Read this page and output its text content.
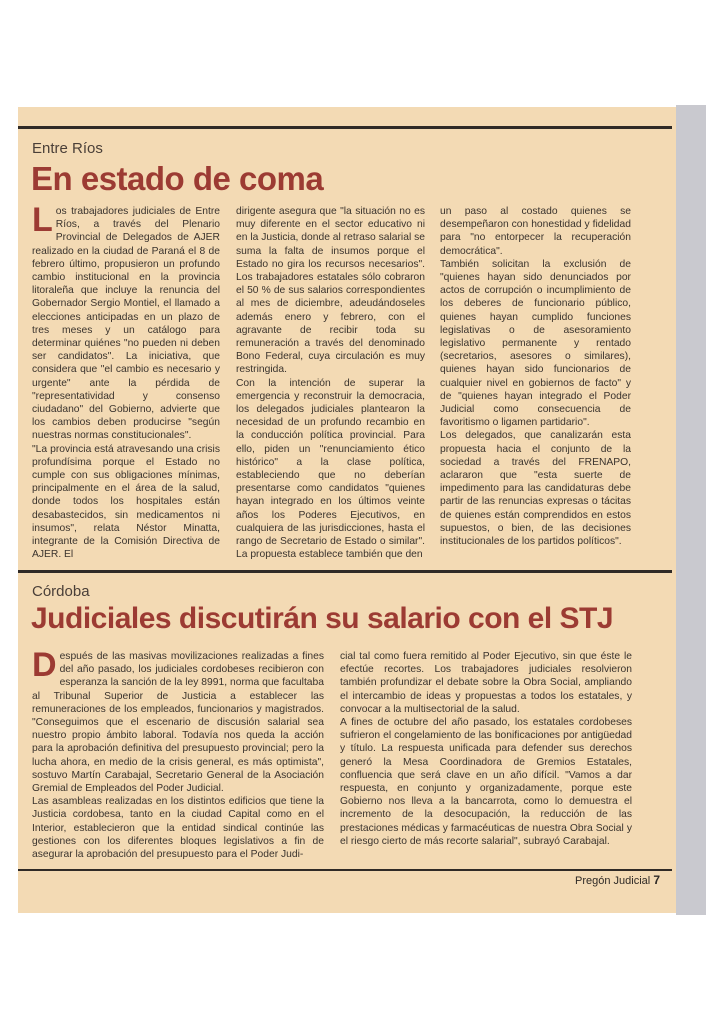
Entre Ríos
En estado de coma
L os trabajadores judiciales de Entre Ríos, a través del Plenario Provincial de Delegados de AJER realizado en la ciudad de Paraná el 8 de febrero último, propusieron un profundo cambio institucional en la provincia litoraleña que incluye la renuncia del Gobernador Sergio Montiel, el llamado a elecciones anticipadas en un plazo de tres meses y un catálogo para determinar quiénes "no pueden ni deben ser candidatos". La iniciativa, que considera que "el cambio es necesario y urgente" ante la pérdida de "representatividad y consenso ciudadano" del Gobierno, advierte que los cambios deben producirse "según nuestras normas constitucionales".

"La provincia está atravesando una crisis profundísima porque el Estado no cumple con sus obligaciones mínimas, principalmente en el área de la salud, donde todos los hospitales están desabastecidos, sin medicamentos ni insumos", relata Néstor Minatta, integrante de la Comisión Directiva de AJER. El

dirigente asegura que "la situación no es muy diferente en el sector educativo ni en la Justicia, donde al retraso salarial se suma la falta de insumos porque el Estado no gira los recursos necesarios". Los trabajadores estatales sólo cobraron el 50 % de sus salarios correspondientes al mes de diciembre, adeudándoseles además enero y febrero, con el agravante de recibir toda su remuneración a través del denominado Bono Federal, cuya circulación es muy restringida.

Con la intención de superar la emergencia y reconstruir la democracia, los delegados judiciales plantearon la necesidad de un profundo recambio en la conducción política provincial. Para ello, piden un "renunciamiento ético histórico" a la clase política, estableciendo que no deberían presentarse como candidatos "quienes hayan integrado en los últimos veinte años los Poderes Ejecutivos, en cualquiera de las jurisdicciones, hasta el rango de Secretario de Estado o similar". La propuesta establece también que den

un paso al costado quienes se desempeñaron con honestidad y fidelidad para "no entorpecer la recuperación democrática".

También solicitan la exclusión de "quienes hayan sido denunciados por actos de corrupción o incumplimiento de los deberes de funcionario público, quienes hayan cumplido funciones legislativas o de asesoramiento legislativo permanente y rentado (secretarios, asesores o similares), quienes hayan sido funcionarios de cualquier nivel en gobiernos de facto" y de "quienes hayan integrado el Poder Judicial como consecuencia de favoritismo o ligamen partidario".

Los delegados, que canalizarán esta propuesta hacia el conjunto de la sociedad a través del FRENAPO, aclararon que "esta suerte de impedimento para las candidaturas debe partir de las renuncias expresas o tácitas de quienes están comprendidos en estos supuestos, o bien, de las decisiones institucionales de los partidos políticos".

Córdoba
Judiciales discutirán su salario con el STJ
D espués de las masivas movilizaciones realizadas a fines del año pasado, los judiciales cordobeses recibieron con esperanza la sanción de la ley 8991, norma que facultaba al Tribunal Superior de Justicia a establecer las remuneraciones de los empleados, funcionarios y magistrados. "Conseguimos que el escenario de discusión salarial sea nuestro propio ámbito laboral. Todavía nos queda la acción para la aprobación definitiva del presupuesto provincial; pero la lucha ahora, en medio de la crisis general, es más optimista", sostuvo Martín Carabajal, Secretario General de la Asociación Gremial de Empleados del Poder Judicial.

Las asambleas realizadas en los distintos edificios que tiene la Justicia cordobesa, tanto en la ciudad Capital como en el Interior, establecieron que la entidad sindical continúe las gestiones con los diferentes bloques legislativos a fin de asegurar la aprobación del presupuesto para el Poder Judi-

cial tal como fuera remitido al Poder Ejecutivo, sin que éste le efectúe recortes. Los trabajadores judiciales resolvieron también profundizar el debate sobre la Obra Social, ampliando el intercambio de ideas y propuestas a todos los estatales, y convocar a la multisectorial de la salud.

A fines de octubre del año pasado, los estatales cordobeses sufrieron el congelamiento de las bonificaciones por antigüedad y título. La respuesta unificada para defender sus derechos generó la Mesa Coordinadora de Gremios Estatales, confluencia que será clave en un año difícil. "Vamos a dar respuesta, en conjunto y organizadamente, porque este Gobierno nos lleva a la bancarrota, como lo demuestra el incremento de la desocupación, la reducción de las prestaciones médicas y farmacéuticas de nuestra Obra Social y el riesgo cierto de más recorte salarial", subrayó Carabajal.

Pregón Judicial 7
